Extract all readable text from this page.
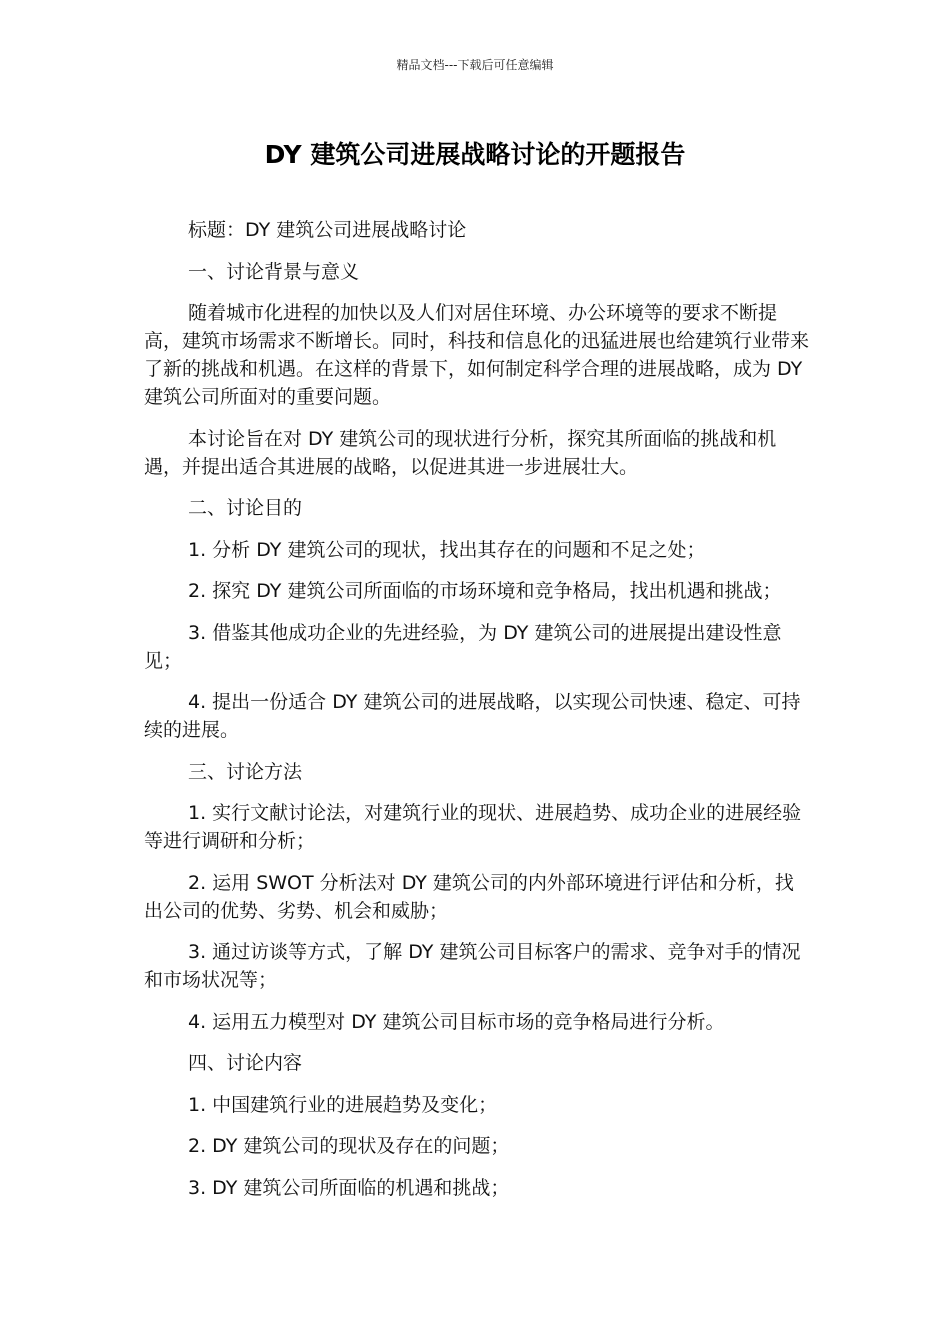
精品文档---下载后可任意编辑
DY 建筑公司进展战略讨论的开题报告

标题：DY 建筑公司进展战略讨论

一、讨论背景与意义

随着城市化进程的加快以及人们对居住环境、办公环境等的要求不断提高，建筑市场需求不断增长。同时，科技和信息化的迅猛进展也给建筑行业带来了新的挑战和机遇。在这样的背景下，如何制定科学合理的进展战略，成为 DY 建筑公司所面对的重要问题。

本讨论旨在对 DY 建筑公司的现状进行分析，探究其所面临的挑战和机遇，并提出适合其进展的战略，以促进其进一步进展壮大。

二、讨论目的

1. 分析 DY 建筑公司的现状，找出其存在的问题和不足之处；

2. 探究 DY 建筑公司所面临的市场环境和竞争格局，找出机遇和挑战；

3. 借鉴其他成功企业的先进经验，为 DY 建筑公司的进展提出建设性意见；

4. 提出一份适合 DY 建筑公司的进展战略，以实现公司快速、稳定、可持续的进展。

三、讨论方法

1. 实行文献讨论法，对建筑行业的现状、进展趋势、成功企业的进展经验等进行调研和分析；

2. 运用 SWOT 分析法对 DY 建筑公司的内外部环境进行评估和分析，找出公司的优势、劣势、机会和威胁；

3. 通过访谈等方式，了解 DY 建筑公司目标客户的需求、竞争对手的情况和市场状况等；

4. 运用五力模型对 DY 建筑公司目标市场的竞争格局进行分析。

四、讨论内容

1. 中国建筑行业的进展趋势及变化；

2. DY 建筑公司的现状及存在的问题；

3. DY 建筑公司所面临的机遇和挑战；
